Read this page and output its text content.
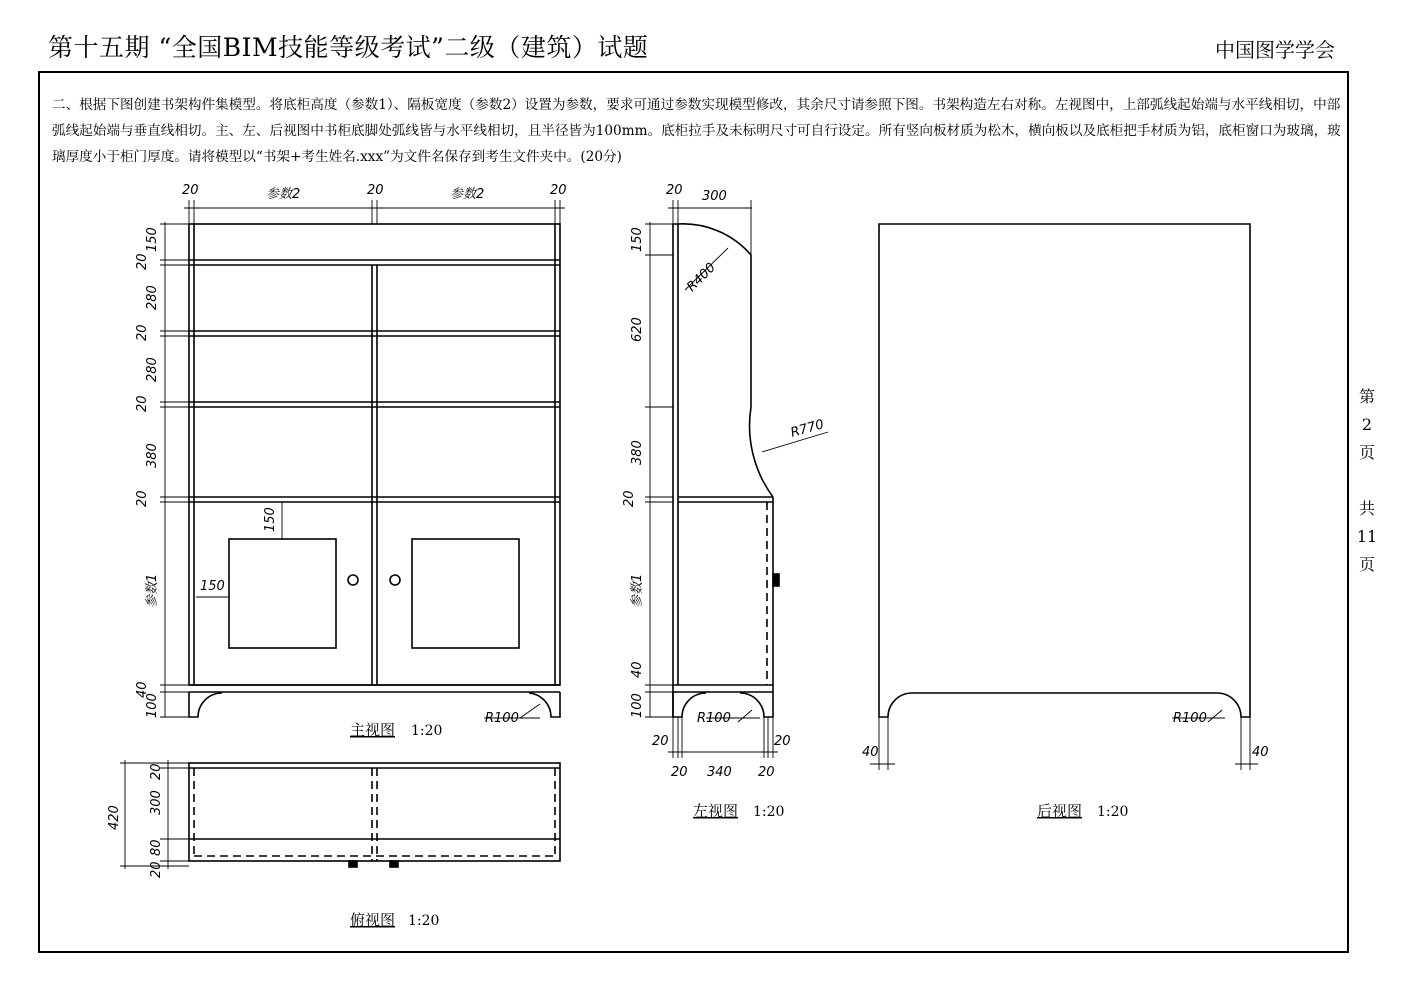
第十五期 “全国BIM技能等级考试”二级（建筑）试题	中国图学学会
二、根据下图创建书架构件集模型。将底柜高度（参数1）、隔板宽度（参数2）设置为参数，要求可通过参数实现模型修改，其余尺寸请参照下图。书架构造左右对称。左视图中，上部弧线起始端与水平线相切，中部弧线起始端与垂直线相切。主、左、后视图中书柜底脚处弧线皆与水平线相切，且半径皆为100mm。底柜拉手及未标明尺寸可自行设定。所有竖向板材质为松木，横向板以及底柜把手材质为铝，底柜窗口为玻璃，玻璃厚度小于柜门厚度。请将模型以“书架+考生姓名.xxx”为文件名保存到考生文件夹中。(20分)
第
2
页
共
11
页
20	参数2	20	参数2	20
150
20
280
20
280
20
380
20
参数1
40
100
150
150
R100
主视图 1:20
420
20
300
80
20
俯视图 1:20
20 300
150
620
380
20
参数1
40
100
20
20 340 20
20
R400
R770
R100
左视图 1:20
R100
40	40
后视图 1:20
